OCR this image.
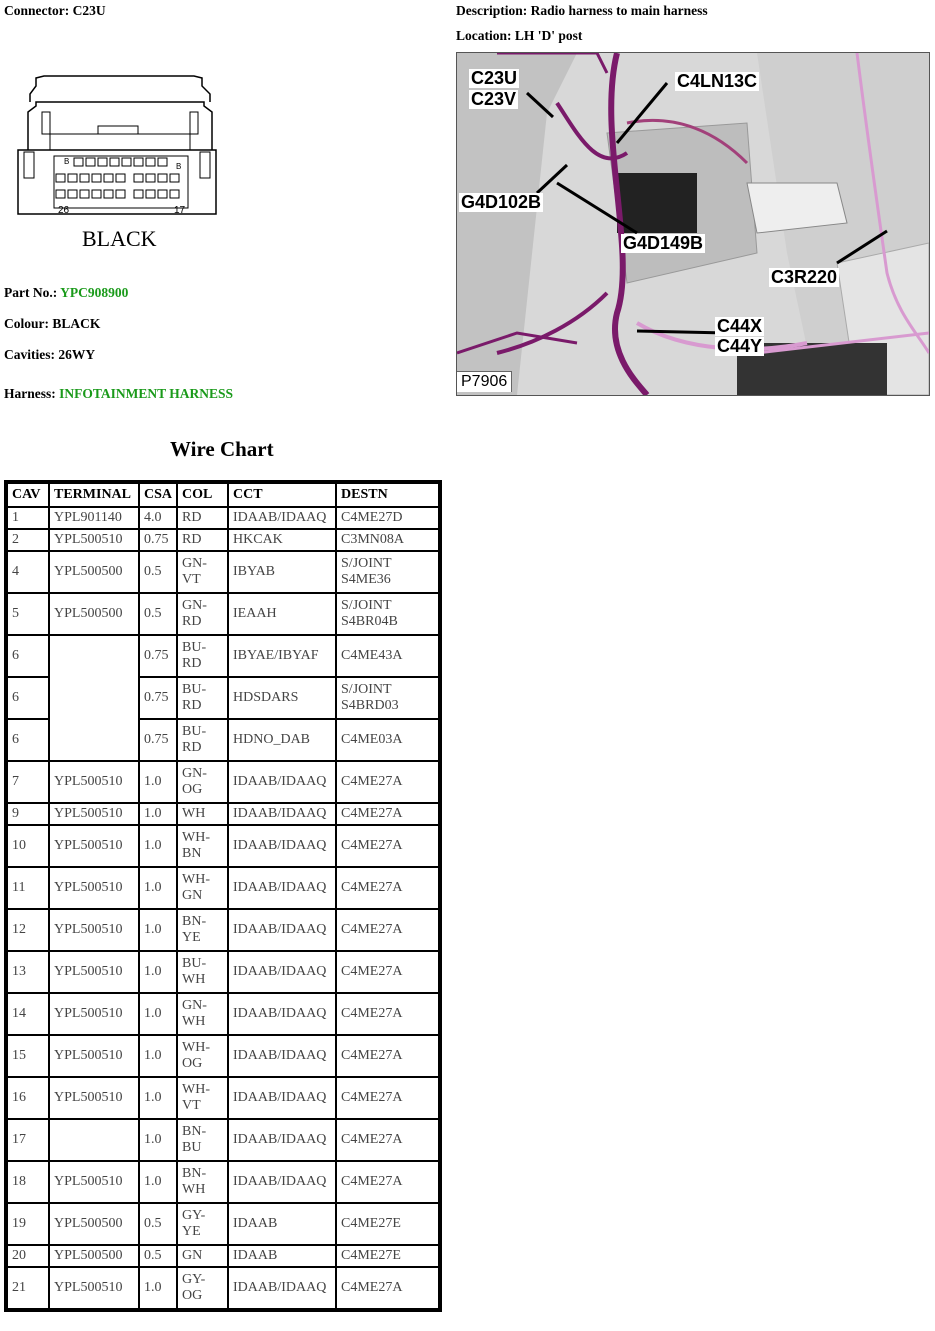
Connector: C23U	Description: Radio harness to main harness
Location: LH 'D' post
26	17
B
B
BLACK
Part No.: YPC908900
Colour: BLACK
Cavities: 26WY
Harness: INFOTAINMENT HARNESS
C23U
C23V
C4LN13C
G4D102B
G4D149B
C3R220
C44X
C44Y
P7906
Wire Chart
CAV	TERMINAL	CSA	COL	CCT	DESTN
1	YPL901140	4.0	RD	IDAAB/IDAAQ	C4ME27D
2	YPL500510	0.75	RD	HKCAK	C3MN08A
4	YPL500500	0.5	GN-VT	IBYAB	S/JOINT S4ME36
5	YPL500500	0.5	GN-RD	IEAAH	S/JOINT S4BR04B
6		0.75	BU-RD	IBYAE/IBYAF	C4ME43A
6		0.75	BU-RD	HDSDARS	S/JOINT S4BRD03
6		0.75	BU-RD	HDNO_DAB	C4ME03A
7	YPL500510	1.0	GN-OG	IDAAB/IDAAQ	C4ME27A
9	YPL500510	1.0	WH	IDAAB/IDAAQ	C4ME27A
10	YPL500510	1.0	WH-BN	IDAAB/IDAAQ	C4ME27A
11	YPL500510	1.0	WH-GN	IDAAB/IDAAQ	C4ME27A
12	YPL500510	1.0	BN-YE	IDAAB/IDAAQ	C4ME27A
13	YPL500510	1.0	BU-WH	IDAAB/IDAAQ	C4ME27A
14	YPL500510	1.0	GN-WH	IDAAB/IDAAQ	C4ME27A
15	YPL500510	1.0	WH-OG	IDAAB/IDAAQ	C4ME27A
16	YPL500510	1.0	WH-VT	IDAAB/IDAAQ	C4ME27A
17		1.0	BN-BU	IDAAB/IDAAQ	C4ME27A
18	YPL500510	1.0	BN-WH	IDAAB/IDAAQ	C4ME27A
19	YPL500500	0.5	GY-YE	IDAAB	C4ME27E
20	YPL500500	0.5	GN	IDAAB	C4ME27E
21	YPL500510	1.0	GY-OG	IDAAB/IDAAQ	C4ME27A
